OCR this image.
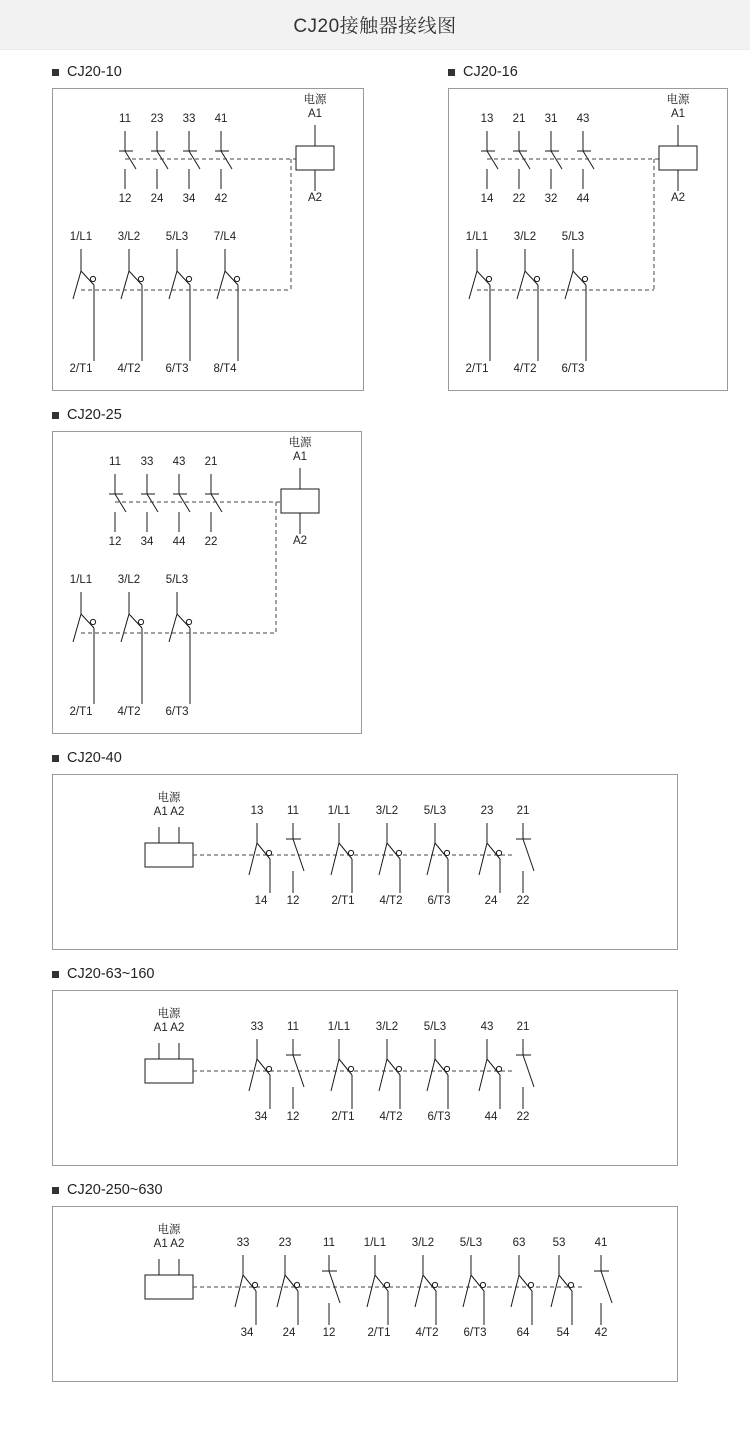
CJ20接触器接线图
CJ20-10
11 23 33 41
12 24 34 42
电源
A1
A2
1/L1 3/L2 5/L3 7/L4
2/T1 4/T2 6/T3 8/T4
CJ20-16
13 21 31 43
14 22 32 44
电源
A1
A2
1/L1 3/L2 5/L3
2/T1 4/T2 6/T3
CJ20-25
11 33 43 21
12 34 44 22
电源
A1
A2
1/L1 3/L2 5/L3
2/T1 4/T2 6/T3
CJ20-40
电源
A1 A2	13 11	1/L1 3/L2 5/L3	23 21
14 12	2/T1 4/T2 6/T3	24 22
CJ20-63~160
电源
A1 A2	33 11	1/L1 3/L2 5/L3	43 21
34 12	2/T1 4/T2 6/T3	44 22
CJ20-250~630
电源
A1 A2	33	23	11	1/L1 3/L2 5/L3	63 53	41
34	24 12	2/T1 4/T2 6/T3	64 54 42
